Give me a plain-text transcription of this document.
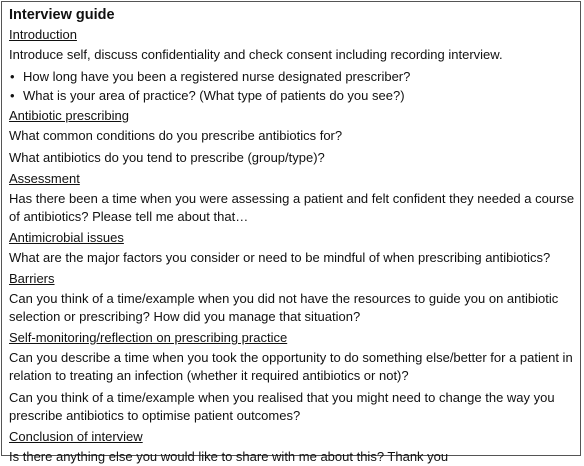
Interview guide
Introduction
Introduce self, discuss confidentiality and check consent including recording interview.
• How long have you been a registered nurse designated prescriber?
• What is your area of practice? (What type of patients do you see?)
Antibiotic prescribing
What common conditions do you prescribe antibiotics for?
What antibiotics do you tend to prescribe (group/type)?
Assessment
Has there been a time when you were assessing a patient and felt confident they needed a course of antibiotics? Please tell me about that…
Antimicrobial issues
What are the major factors you consider or need to be mindful of when prescribing antibiotics?
Barriers
Can you think of a time/example when you did not have the resources to guide you on antibiotic selection or prescribing? How did you manage that situation?
Self-monitoring/reflection on prescribing practice
Can you describe a time when you took the opportunity to do something else/better for a patient in relation to treating an infection (whether it required antibiotics or not)?
Can you think of a time/example when you realised that you might need to change the way you prescribe antibiotics to optimise patient outcomes?
Conclusion of interview
Is there anything else you would like to share with me about this? Thank you
